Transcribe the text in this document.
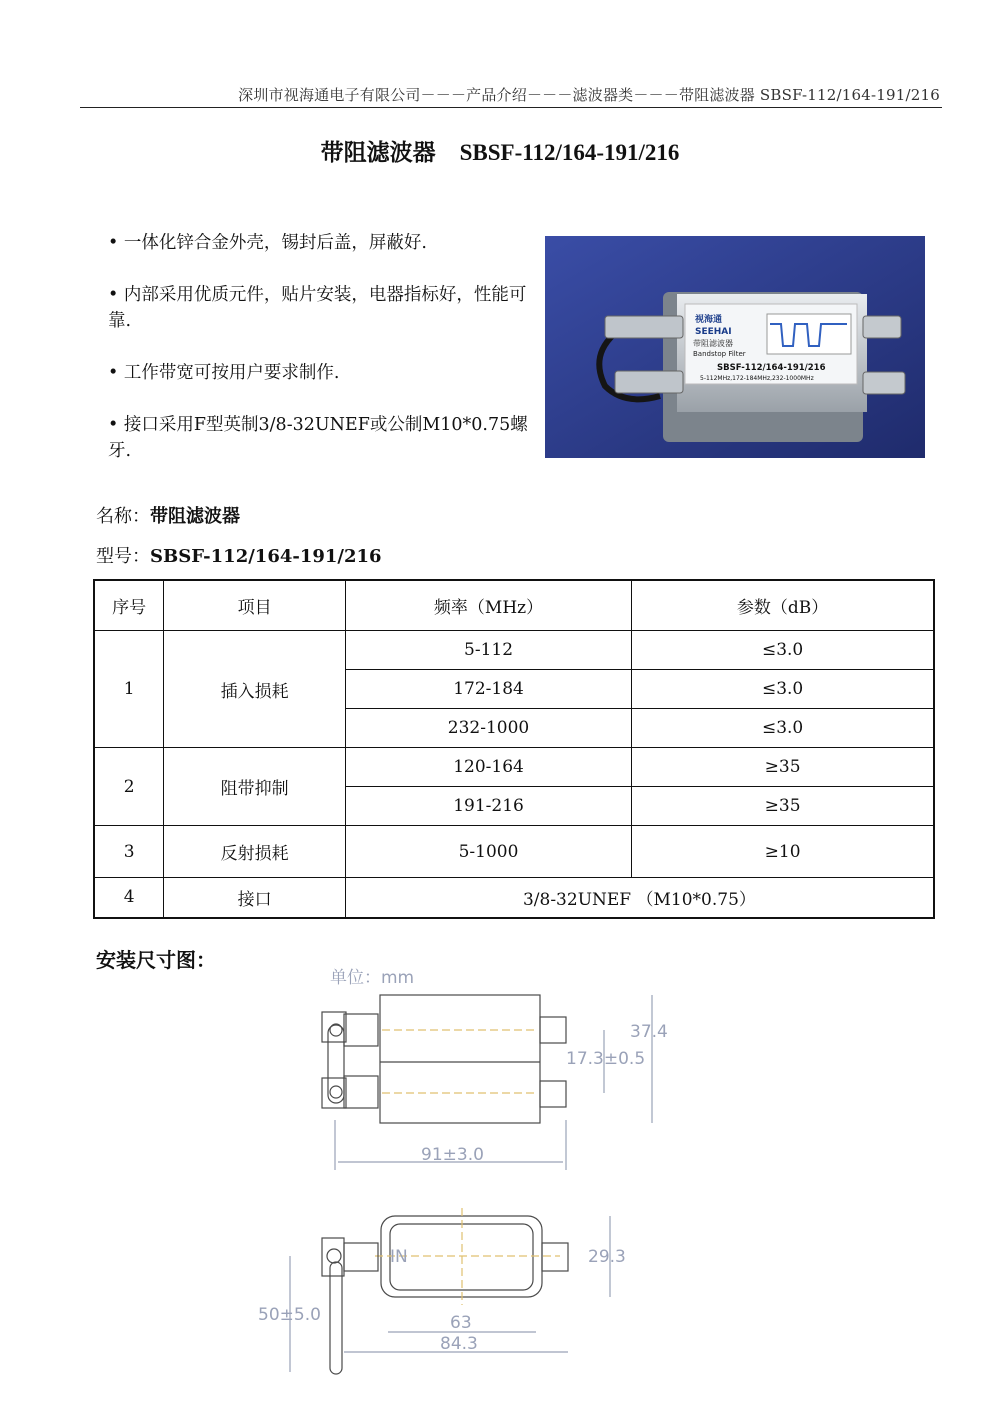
深圳市视海通电子有限公司－－－产品介绍－－－滤波器类－－－带阻滤波器 SBSF-112/164-191/216
带阻滤波器 SBSF-112/164-191/216
• 一体化锌合金外壳，锡封后盖，屏蔽好.
• 内部采用优质元件，贴片安装，电器指标好，性能可靠.
• 工作带宽可按用户要求制作.
• 接口采用F型英制3/8-32UNEF或公制M10*0.75螺牙.
视海通
SEEHAI
带阻滤波器
Bandstop Filter
SBSF-112/164-191/216
5-112MHz,172-184MHz,232-1000MHz
名称：带阻滤波器
型号：SBSF-112/164-191/216
序号	项目	频率（MHz）	参数（dB）
1	插入损耗	5-112	≤3.0
		172-184	≤3.0
		232-1000	≤3.0
2	阻带抑制	120-164	≥35
		191-216	≥35
3	反射损耗	5-1000	≥10
4	接口	3/8-32UNEF （M10*0.75）	
安装尺寸图：
单位：mm
37.4
17.3±0.5
91±3.0
IN	29.3
50±5.0	63
84.3
